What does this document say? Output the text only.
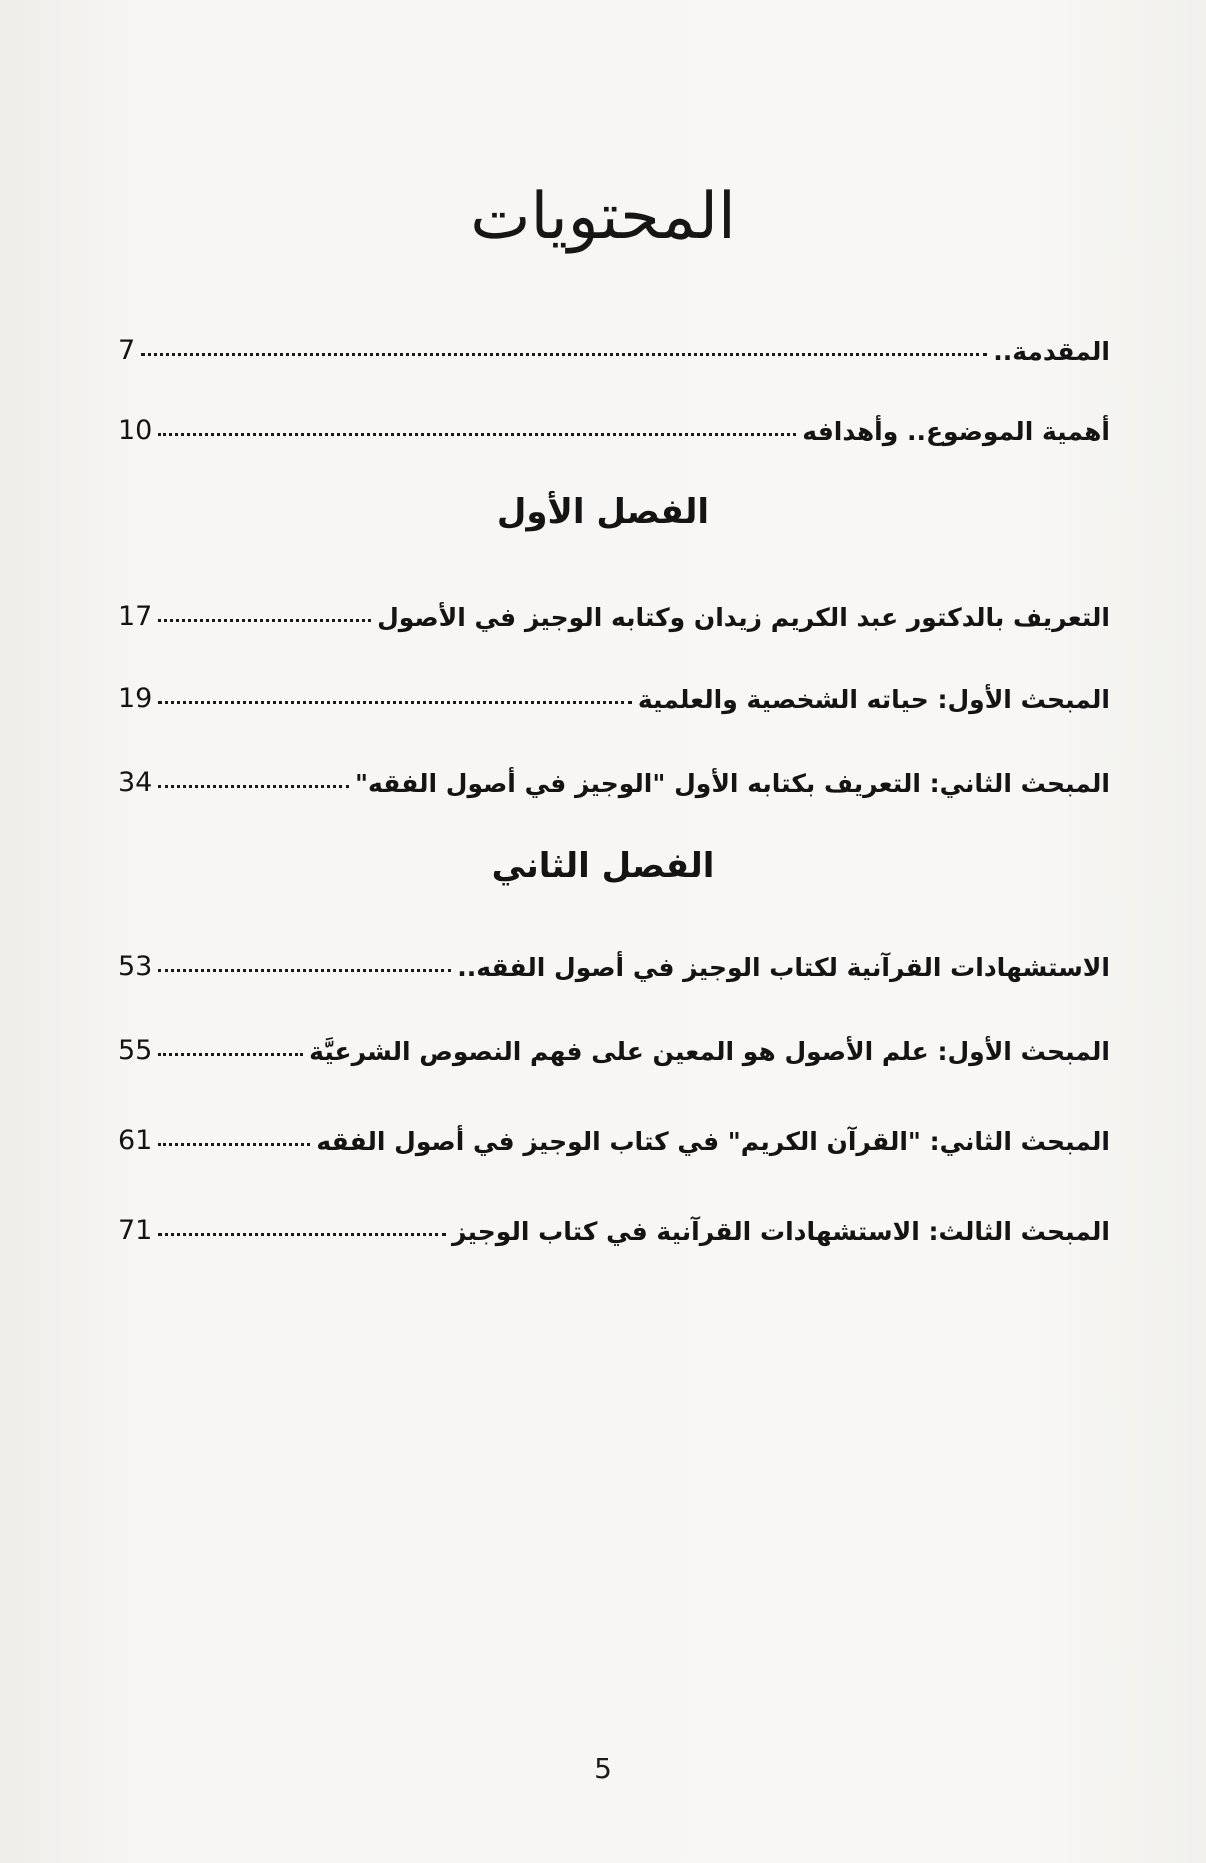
المحتويات
المقدمة..
7
أهمية الموضوع.. وأهدافه
10
الفصل الأول
التعريف بالدكتور عبد الكريم زيدان وكتابه الوجيز في الأصول
17
المبحث الأول: حياته الشخصية والعلمية
19
المبحث الثاني: التعريف بكتابه الأول "الوجيز في أصول الفقه"
34
الفصل الثاني
الاستشهادات القرآنية لكتاب الوجيز في أصول الفقه..
53
المبحث الأول: علم الأصول هو المعين على فهم النصوص الشرعيَّة
55
المبحث الثاني: "القرآن الكريم" في كتاب الوجيز في أصول الفقه
61
المبحث الثالث: الاستشهادات القرآنية في كتاب الوجيز
71
5
